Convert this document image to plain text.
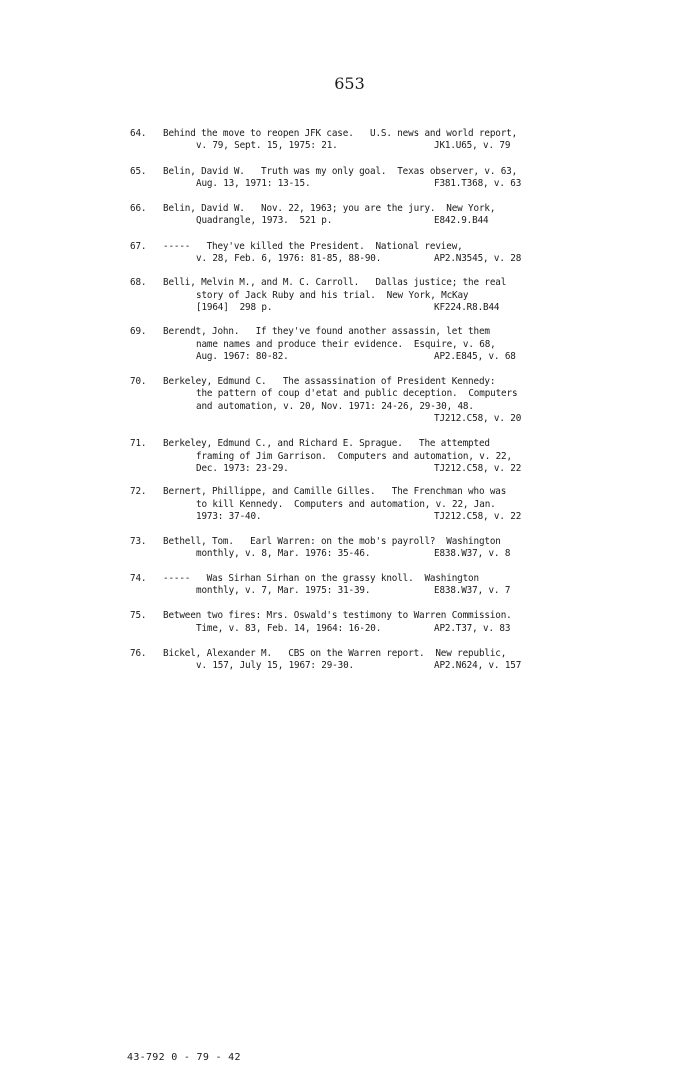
653
64.	Behind the move to reopen JFK case.   U.S. news and world report,
v. 79, Sept. 15, 1975: 21.	JK1.U65, v. 79
65.	Belin, David W.   Truth was my only goal.  Texas observer, v. 63,
Aug. 13, 1971: 13-15.	F381.T368, v. 63
66.	Belin, David W.   Nov. 22, 1963; you are the jury.  New York,
Quadrangle, 1973.  521 p.	E842.9.B44
67.	-----   They've killed the President.  National review,
v. 28, Feb. 6, 1976: 81-85, 88-90.	AP2.N3545, v. 28
68.	Belli, Melvin M., and M. C. Carroll.   Dallas justice; the real
story of Jack Ruby and his trial.  New York, McKay
[1964]  298 p.	KF224.R8.B44
69.	Berendt, John.   If they've found another assassin, let them
name names and produce their evidence.  Esquire, v. 68,
Aug. 1967: 80-82.	AP2.E845, v. 68
70.	Berkeley, Edmund C.   The assassination of President Kennedy:
the pattern of coup d'etat and public deception.  Computers
and automation, v. 20, Nov. 1971: 24-26, 29-30, 48.
TJ212.C58, v. 20
71.	Berkeley, Edmund C., and Richard E. Sprague.   The attempted
framing of Jim Garrison.  Computers and automation, v. 22,
Dec. 1973: 23-29.	TJ212.C58, v. 22
72.	Bernert, Phillippe, and Camille Gilles.   The Frenchman who was
to kill Kennedy.  Computers and automation, v. 22, Jan.
1973: 37-40.	TJ212.C58, v. 22
73.	Bethell, Tom.   Earl Warren: on the mob's payroll?  Washington
monthly, v. 8, Mar. 1976: 35-46.	E838.W37, v. 8
74.	-----   Was Sirhan Sirhan on the grassy knoll.  Washington
monthly, v. 7, Mar. 1975: 31-39.	E838.W37, v. 7
75.	Between two fires: Mrs. Oswald's testimony to Warren Commission.
Time, v. 83, Feb. 14, 1964: 16-20.	AP2.T37, v. 83
76.	Bickel, Alexander M.   CBS on the Warren report.  New republic,
v. 157, July 15, 1967: 29-30.	AP2.N624, v. 157
43-792 0 - 79 - 42
